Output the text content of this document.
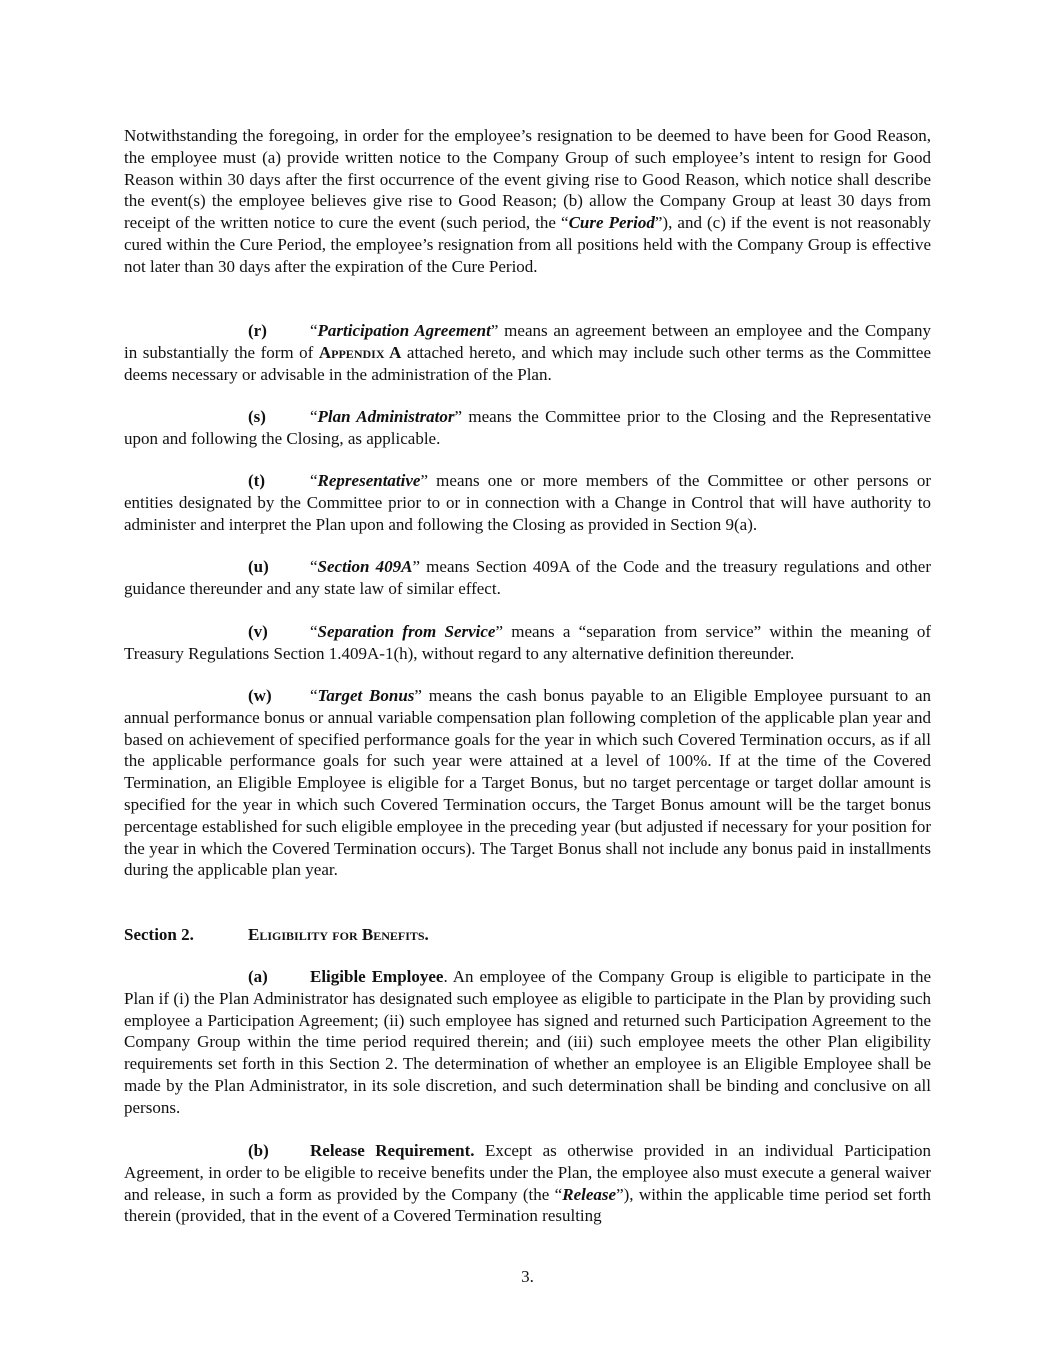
Notwithstanding the foregoing, in order for the employee’s resignation to be deemed to have been for Good Reason, the employee must (a) provide written notice to the Company Group of such employee’s intent to resign for Good Reason within 30 days after the first occurrence of the event giving rise to Good Reason, which notice shall describe the event(s) the employee believes give rise to Good Reason; (b) allow the Company Group at least 30 days from receipt of the written notice to cure the event (such period, the “Cure Period”), and (c) if the event is not reasonably cured within the Cure Period, the employee’s resignation from all positions held with the Company Group is effective not later than 30 days after the expiration of the Cure Period.

(r)	“Participation Agreement” means an agreement between an employee and the Company in substantially the form of Appendix A attached hereto, and which may include such other terms as the Committee deems necessary or advisable in the administration of the Plan.

(s)	“Plan Administrator” means the Committee prior to the Closing and the Representative upon and following the Closing, as applicable.

(t)	“Representative” means one or more members of the Committee or other persons or entities designated by the Committee prior to or in connection with a Change in Control that will have authority to administer and interpret the Plan upon and following the Closing as provided in Section 9(a).

(u) “Section 409A” means Section 409A of the Code and the treasury regulations and other guidance thereunder and any state law of similar effect.

(v) “Separation from Service” means a “separation from service” within the meaning of Treasury Regulations Section 1.409A-1(h), without regard to any alternative definition thereunder.

(w) “Target Bonus” means the cash bonus payable to an Eligible Employee pursuant to an annual performance bonus or annual variable compensation plan following completion of the applicable plan year and based on achievement of specified performance goals for the year in which such Covered Termination occurs, as if all the applicable performance goals for such year were attained at a level of 100%. If at the time of the Covered Termination, an Eligible Employee is eligible for a Target Bonus, but no target percentage or target dollar amount is specified for the year in which such Covered Termination occurs, the Target Bonus amount will be the target bonus percentage established for such eligible employee in the preceding year (but adjusted if necessary for your position for the year in which the Covered Termination occurs). The Target Bonus shall not include any bonus paid in installments during the applicable plan year.

Section 2.	Eligibility for Benefits.

(a) Eligible Employee. An employee of the Company Group is eligible to participate in the Plan if (i) the Plan Administrator has designated such employee as eligible to participate in the Plan by providing such employee a Participation Agreement; (ii) such employee has signed and returned such Participation Agreement to the Company Group within the time period required therein; and (iii) such employee meets the other Plan eligibility requirements set forth in this Section 2. The determination of whether an employee is an Eligible Employee shall be made by the Plan Administrator, in its sole discretion, and such determination shall be binding and conclusive on all persons.

(b) Release Requirement. Except as otherwise provided in an individual Participation Agreement, in order to be eligible to receive benefits under the Plan, the employee also must execute a general waiver and release, in such a form as provided by the Company (the “Release”), within the applicable time period set forth therein (provided, that in the event of a Covered Termination resulting

3.
